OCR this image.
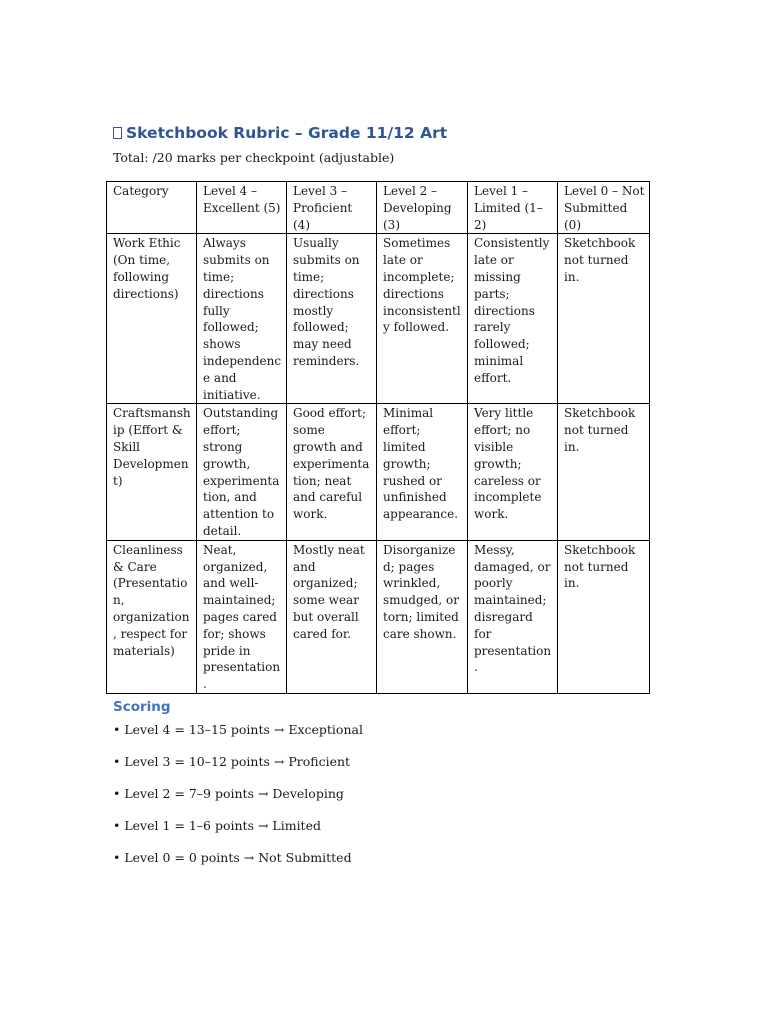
Sketchbook Rubric – Grade 11/12 Art

Total: /20 marks per checkpoint (adjustable)

Category	Level 4 – Excellent (5)	Level 3 – Proficient (4)	Level 2 – Developing (3)	Level 1 – Limited (1–2)	Level 0 – Not Submitted (0)
Work Ethic (On time, following directions)	Always submits on time; directions fully followed; shows independence and initiative.	Usually submits on time; directions mostly followed; may need reminders.	Sometimes late or incomplete; directions inconsistently followed.	Consistently late or missing parts; directions rarely followed; minimal effort.	Sketchbook not turned in.
Craftsmanship (Effort & Skill Development)	Outstanding effort; strong growth, experimentation, and attention to detail.	Good effort; some growth and experimentation; neat and careful work.	Minimal effort; limited growth; rushed or unfinished appearance.	Very little effort; no visible growth; careless or incomplete work.	Sketchbook not turned in.
Cleanliness & Care (Presentation, organization, respect for materials)	Neat, organized, and well-maintained; pages cared for; shows pride in presentation.	Mostly neat and organized; some wear but overall cared for.	Disorganized; pages wrinkled, smudged, or torn; limited care shown.	Messy, damaged, or poorly maintained; disregard for presentation.	Sketchbook not turned in.
Scoring
• Level 4 = 13–15 points → Exceptional
• Level 3 = 10–12 points → Proficient
• Level 2 = 7–9 points → Developing
• Level 1 = 1–6 points → Limited
• Level 0 = 0 points → Not Submitted
